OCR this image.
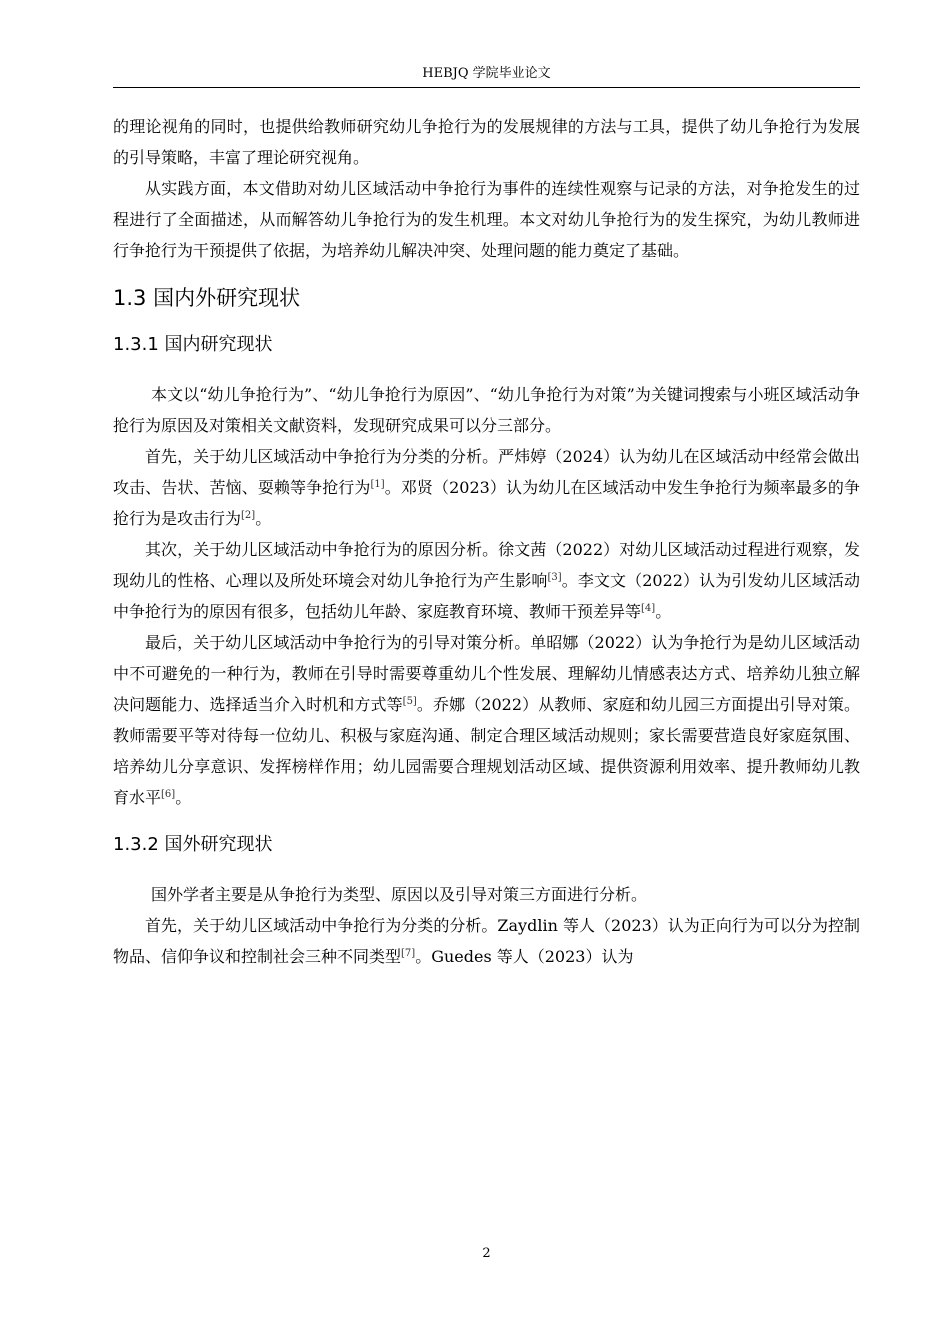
HEBJQ 学院毕业论文

的理论视角的同时，也提供给教师研究幼儿争抢行为的发展规律的方法与工具，提供了幼儿争抢行为发展的引导策略，丰富了理论研究视角。

从实践方面，本文借助对幼儿区域活动中争抢行为事件的连续性观察与记录的方法，对争抢发生的过程进行了全面描述，从而解答幼儿争抢行为的发生机理。本文对幼儿争抢行为的发生探究，为幼儿教师进行争抢行为干预提供了依据，为培养幼儿解决冲突、处理问题的能力奠定了基础。

1.3 国内外研究现状
1.3.1 国内研究现状

本文以“幼儿争抢行为”、“幼儿争抢行为原因”、“幼儿争抢行为对策”为关键词搜索与小班区域活动争抢行为原因及对策相关文献资料，发现研究成果可以分三部分。

首先，关于幼儿区域活动中争抢行为分类的分析。严炜婷（2024）认为幼儿在区域活动中经常会做出攻击、告状、苦恼、耍赖等争抢行为[1]。邓贤（2023）认为幼儿在区域活动中发生争抢行为频率最多的争抢行为是攻击行为[2]。

其次，关于幼儿区域活动中争抢行为的原因分析。徐文茜（2022）对幼儿区域活动过程进行观察，发现幼儿的性格、心理以及所处环境会对幼儿争抢行为产生影响[3]。李文文（2022）认为引发幼儿区域活动中争抢行为的原因有很多，包括幼儿年龄、家庭教育环境、教师干预差异等[4]。

最后，关于幼儿区域活动中争抢行为的引导对策分析。单昭娜（2022）认为争抢行为是幼儿区域活动中不可避免的一种行为，教师在引导时需要尊重幼儿个性发展、理解幼儿情感表达方式、培养幼儿独立解决问题能力、选择适当介入时机和方式等[5]。乔娜（2022）从教师、家庭和幼儿园三方面提出引导对策。教师需要平等对待每一位幼儿、积极与家庭沟通、制定合理区域活动规则；家长需要营造良好家庭氛围、培养幼儿分享意识、发挥榜样作用；幼儿园需要合理规划活动区域、提供资源利用效率、提升教师幼儿教育水平[6]。

1.3.2 国外研究现状

国外学者主要是从争抢行为类型、原因以及引导对策三方面进行分析。

首先，关于幼儿区域活动中争抢行为分类的分析。Zaydlin 等人（2023）认为正向行为可以分为控制物品、信仰争议和控制社会三种不同类型[7]。Guedes 等人（2023）认为

2
